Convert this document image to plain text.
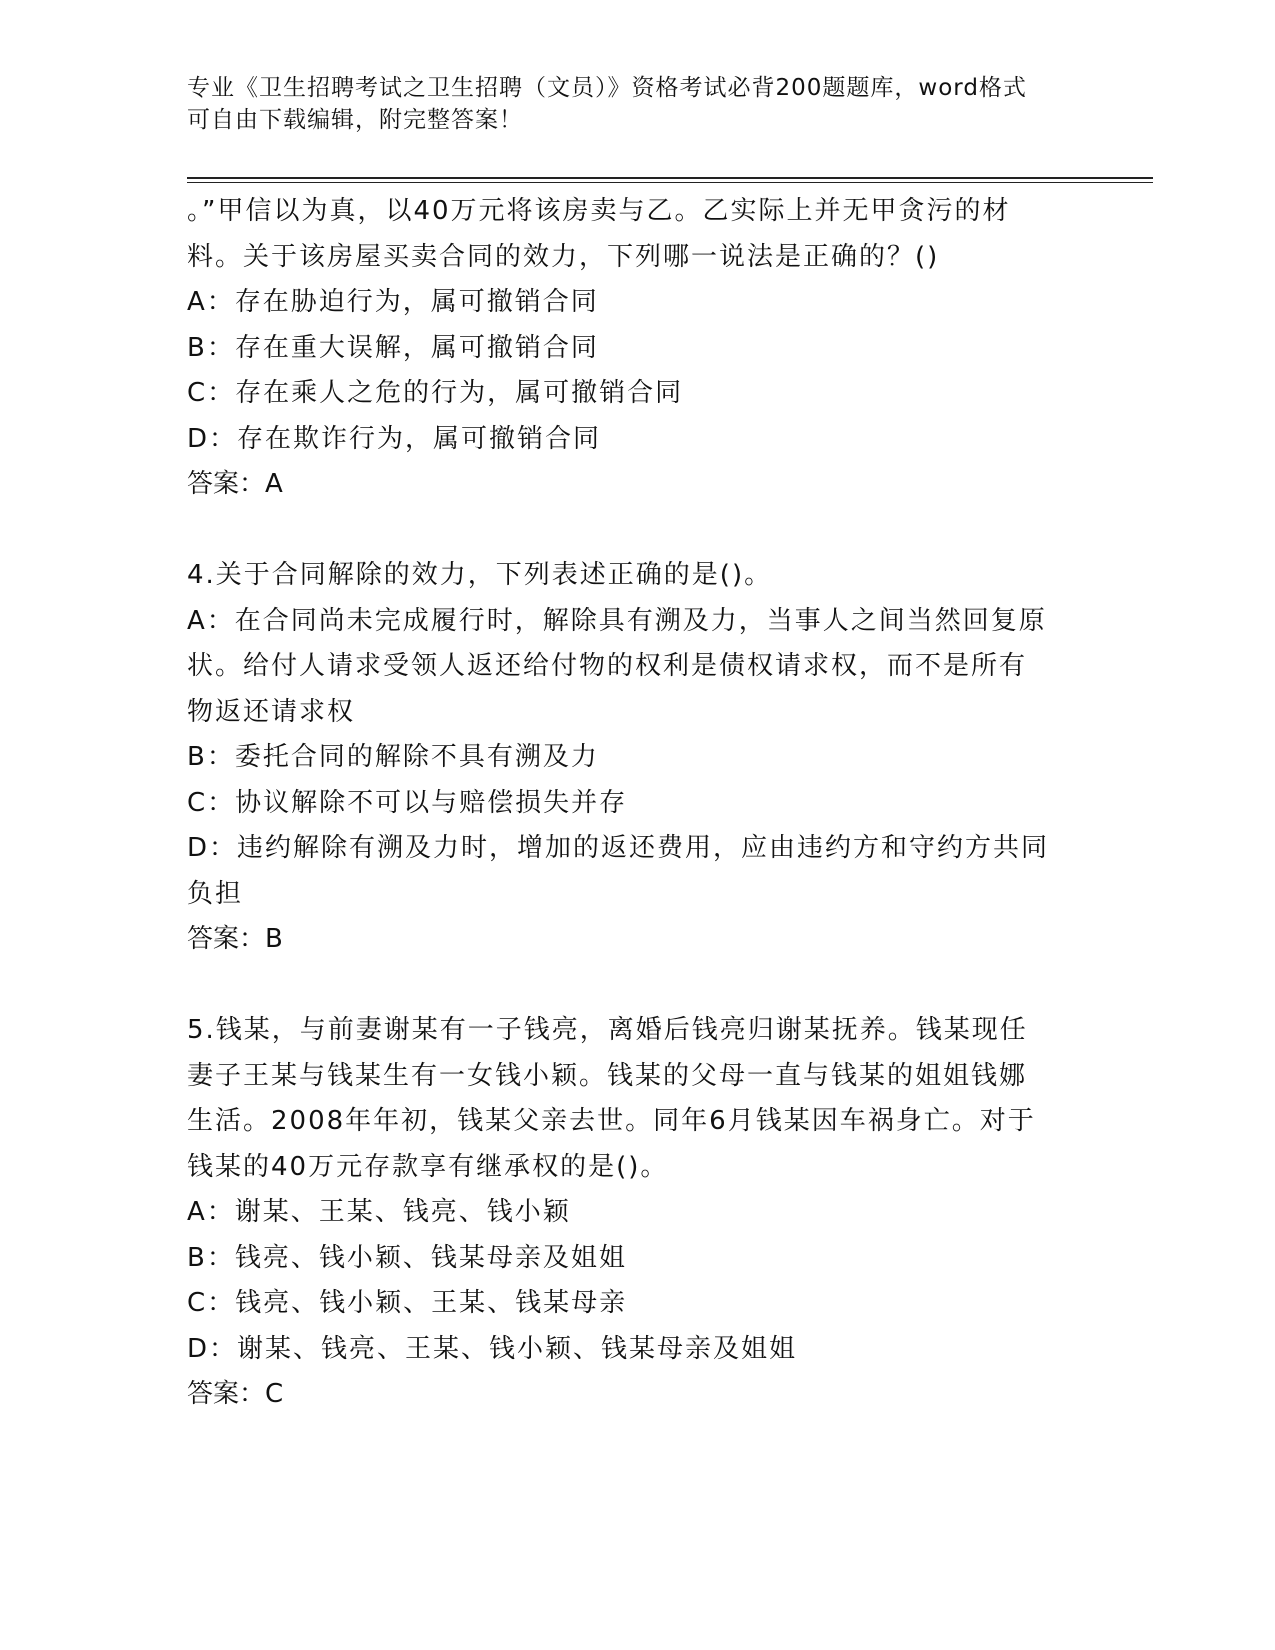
专业《卫生招聘考试之卫生招聘（文员）》资格考试必背200题题库，word格式
可自由下载编辑，附完整答案！
。”甲信以为真，以40万元将该房卖与乙。乙实际上并无甲贪污的材
料。关于该房屋买卖合同的效力，下列哪一说法是正确的？()
A：存在胁迫行为，属可撤销合同
B：存在重大误解，属可撤销合同
C：存在乘人之危的行为，属可撤销合同
D：存在欺诈行为，属可撤销合同
答案：A
4.关于合同解除的效力，下列表述正确的是()。
A：在合同尚未完成履行时，解除具有溯及力，当事人之间当然回复原
状。给付人请求受领人返还给付物的权利是债权请求权，而不是所有
物返还请求权
B：委托合同的解除不具有溯及力
C：协议解除不可以与赔偿损失并存
D：违约解除有溯及力时，增加的返还费用，应由违约方和守约方共同
负担
答案：B
5.钱某，与前妻谢某有一子钱亮，离婚后钱亮归谢某抚养。钱某现任
妻子王某与钱某生有一女钱小颖。钱某的父母一直与钱某的姐姐钱娜
生活。2008年年初，钱某父亲去世。同年6月钱某因车祸身亡。对于
钱某的40万元存款享有继承权的是()。
A：谢某、王某、钱亮、钱小颖
B：钱亮、钱小颖、钱某母亲及姐姐
C：钱亮、钱小颖、王某、钱某母亲
D：谢某、钱亮、王某、钱小颖、钱某母亲及姐姐
答案：C
